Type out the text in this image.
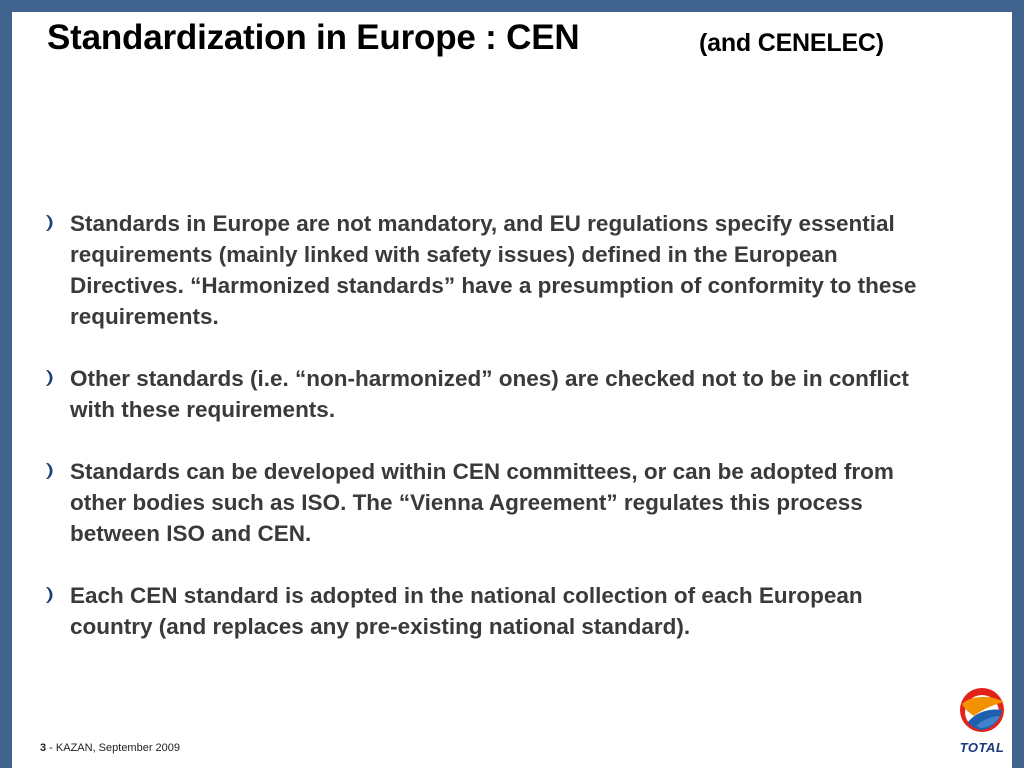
Standardization in Europe : CEN	(and CENELEC)
Standards in Europe are not mandatory, and EU regulations specify essential requirements (mainly linked with safety issues) defined in the European Directives. “Harmonized standards” have a presumption of conformity to these requirements.
Other standards (i.e. “non-harmonized” ones) are checked not to be in conflict with these requirements.
Standards can be developed within CEN committees, or can be adopted from other bodies such as ISO. The “Vienna Agreement” regulates this process between ISO and CEN.
Each CEN standard is adopted in the national collection of each European country (and replaces any pre-existing national standard).
3 - KAZAN, September 2009	TOTAL
